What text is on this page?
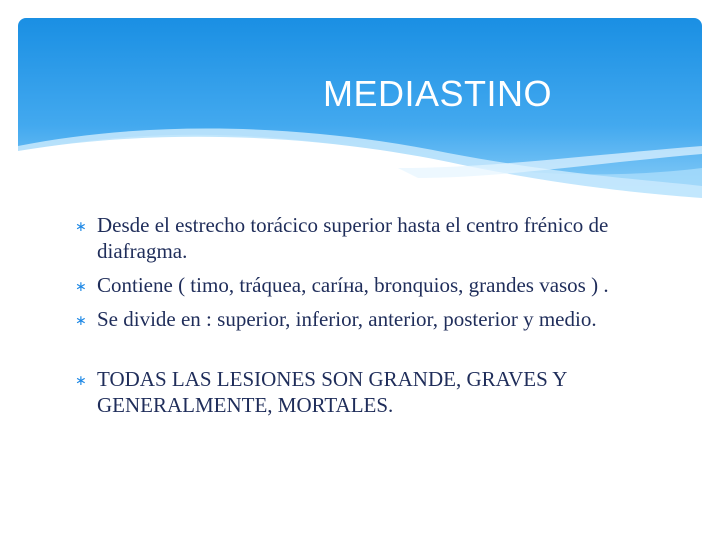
MEDIASTINO
∗ Desde el estrecho torácico superior hasta el centro frénico de diafragma.
∗ Contiene ( timo, tráquea, caríна, bronquios, grandes vasos ) .
∗ Se divide en : superior, inferior, anterior, posterior y medio.
∗ TODAS LAS LESIONES SON GRANDE, GRAVES Y GENERALMENTE, MORTALES.
